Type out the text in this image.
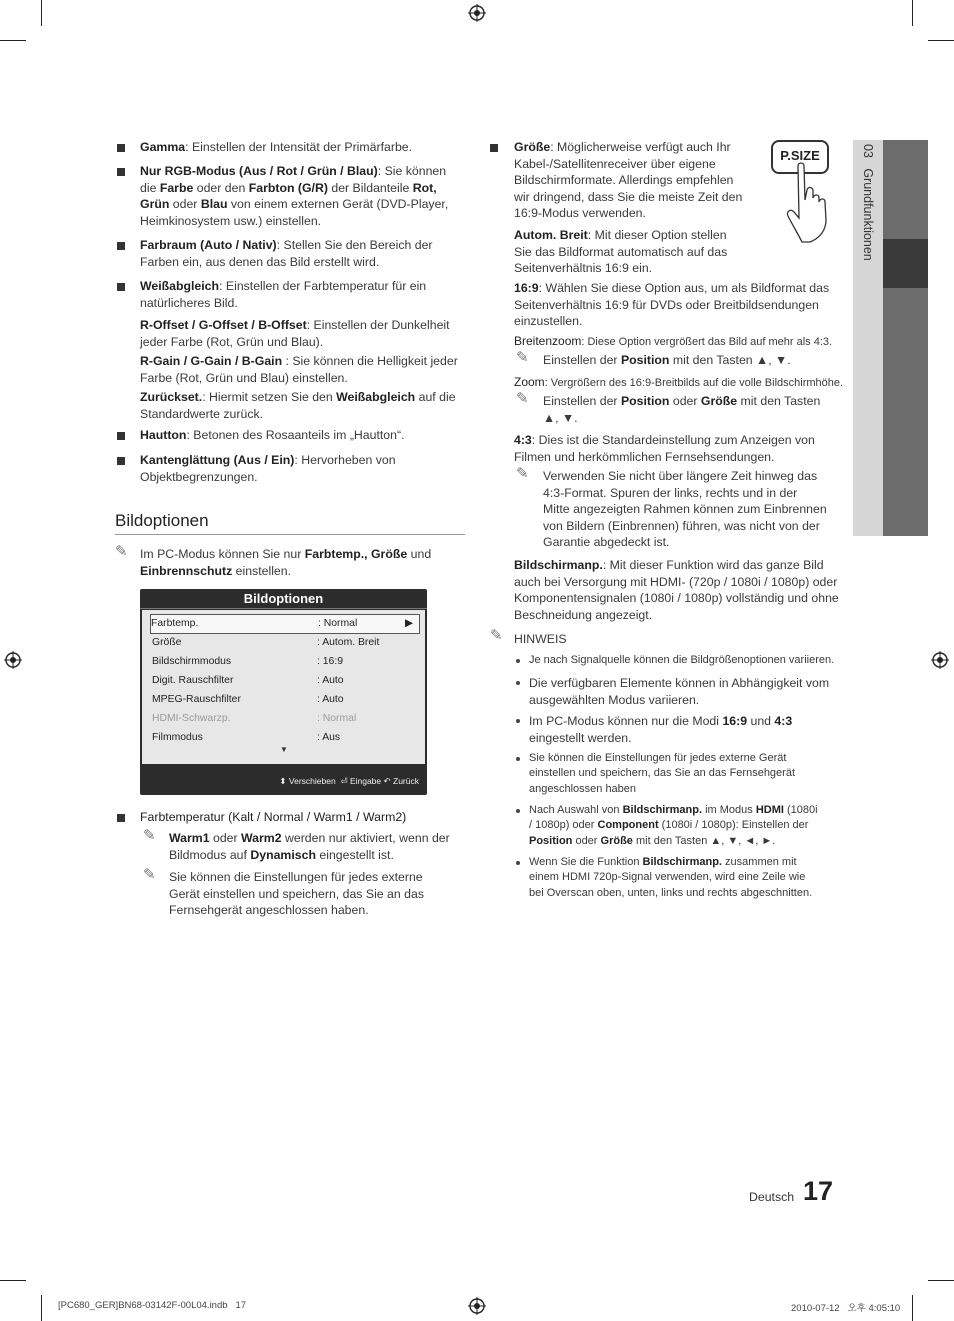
Gamma: Einstellen der Intensität der Primärfarbe.

Nur RGB-Modus (Aus / Rot / Grün / Blau): Sie können

die Farbe oder den Farbton (G/R) der Bildanteile Rot,

Grün oder Blau von einem externen Gerät (DVD-Player,

Heimkinosystem usw.) einstellen.

Farbraum (Auto / Nativ): Stellen Sie den Bereich der

Farben ein, aus denen das Bild erstellt wird.

Weißabgleich: Einstellen der Farbtemperatur für ein

natürlicheres Bild.

R-Offset / G-Offset / B-Offset: Einstellen der Dunkelheit

jeder Farbe (Rot, Grün und Blau).

R-Gain / G-Gain / B-Gain : Sie können die Helligkeit jeder

Farbe (Rot, Grün und Blau) einstellen.

Zurückset.: Hiermit setzen Sie den Weißabgleich auf die

Standardwerte zurück.

Hautton: Betonen des Rosaanteils im „Hautton“.

Kantenglättung (Aus / Ein): Hervorheben von

Objektbegrenzungen.

Bildoptionen
✎ Im PC-Modus können Sie nur Farbtemp., Größe und

Einbrennschutz einstellen.

Bildoptionen
Farbtemp.	: Normal	▶
Größe	: Autom. Breit
Bildschirmmodus	: 16:9
Digit. Rauschfilter	: Auto
MPEG-Rauschfilter	: Auto
HDMI-Schwarzp.	: Normal
Filmmodus	: Aus
▼
⬍ Verschieben ⏎ Eingabe ↶ Zurück

Farbtemperatur (Kalt / Normal / Warm1 / Warm2)

✎ Warm1 oder Warm2 werden nur aktiviert, wenn der

Bildmodus auf Dynamisch eingestellt ist.

✎ Sie können die Einstellungen für jedes externe

Gerät einstellen und speichern, das Sie an das

Fernsehgerät angeschlossen haben.

Größe: Möglicherweise verfügt auch Ihr

Kabel-/Satellitenreceiver über eigene

Bildschirmformate. Allerdings empfehlen

wir dringend, dass Sie die meiste Zeit den

16:9-Modus verwenden.

P.SIZE

Autom. Breit: Mit dieser Option stellen

Sie das Bildformat automatisch auf das

Seitenverhältnis 16:9 ein.

16:9: Wählen Sie diese Option aus, um als Bildformat das

Seitenverhältnis 16:9 für DVDs oder Breitbildsendungen

einzustellen.

Breitenzoom: Diese Option vergrößert das Bild auf mehr als 4:3.

✎ Einstellen der Position mit den Tasten ▲, ▼.

Zoom: Vergrößern des 16:9-Breitbilds auf die volle Bildschirmhöhe.

✎ Einstellen der Position oder Größe mit den Tasten

▲, ▼.

4:3: Dies ist die Standardeinstellung zum Anzeigen von

Filmen und herkömmlichen Fernsehsendungen.

✎ Verwenden Sie nicht über längere Zeit hinweg das

4:3-Format. Spuren der links, rechts und in der

Mitte angezeigten Rahmen können zum Einbrennen

von Bildern (Einbrennen) führen, was nicht von der

Garantie abgedeckt ist.

Bildschirmanp.: Mit dieser Funktion wird das ganze Bild

auch bei Versorgung mit HDMI- (720p / 1080i / 1080p) oder

Komponentensignalen (1080i / 1080p) vollständig und ohne

Beschneidung angezeigt.

✎ HINWEIS

Je nach Signalquelle können die Bildgrößenoptionen variieren.

Die verfügbaren Elemente können in Abhängigkeit vom

ausgewählten Modus variieren.

Im PC-Modus können nur die Modi 16:9 und 4:3

eingestellt werden.

Sie können die Einstellungen für jedes externe Gerät

einstellen und speichern, das Sie an das Fernsehgerät

angeschlossen haben

Nach Auswahl von Bildschirmanp. im Modus HDMI (1080i

/ 1080p) oder Component (1080i / 1080p): Einstellen der

Position oder Größe mit den Tasten ▲, ▼, ◄, ►.

Wenn Sie die Funktion Bildschirmanp. zusammen mit

einem HDMI 720p-Signal verwenden, wird eine Zeile wie

bei Overscan oben, unten, links und rechts abgeschnitten.

03   Grundfunktionen

Deutsch 17

[PC680_GER]BN68-03142F-00L04.indb   17	2010-07-12   오후 4:05:10
